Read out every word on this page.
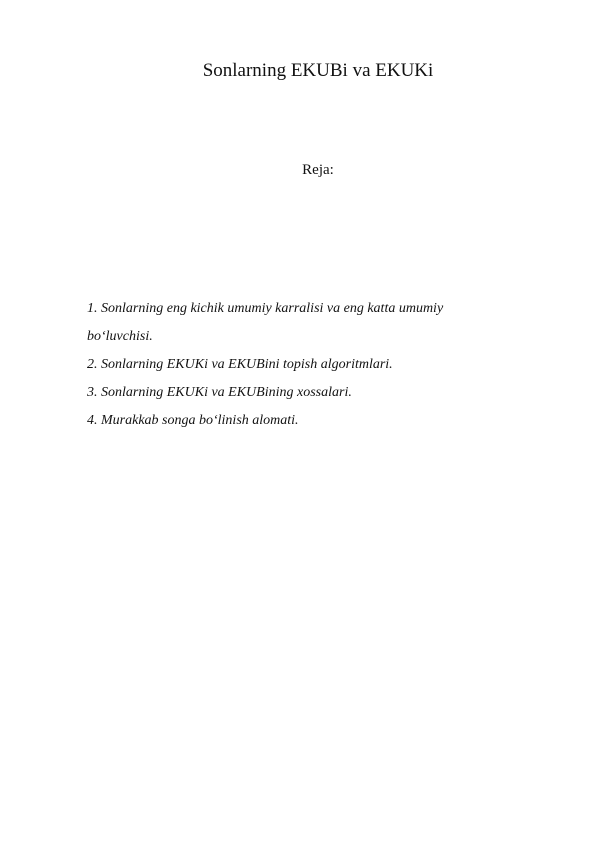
Sonlarning EKUBi va EKUKi
Reja:
1. Sonlarning eng kichik umumiy karralisi va eng katta umumiy
bo‘luvchisi.
2. Sonlarning EKUKi va EKUBini topish algoritmlari.
3. Sonlarning EKUKi va EKUBining xossalari.
4. Murakkab songa bo‘linish alomati.
